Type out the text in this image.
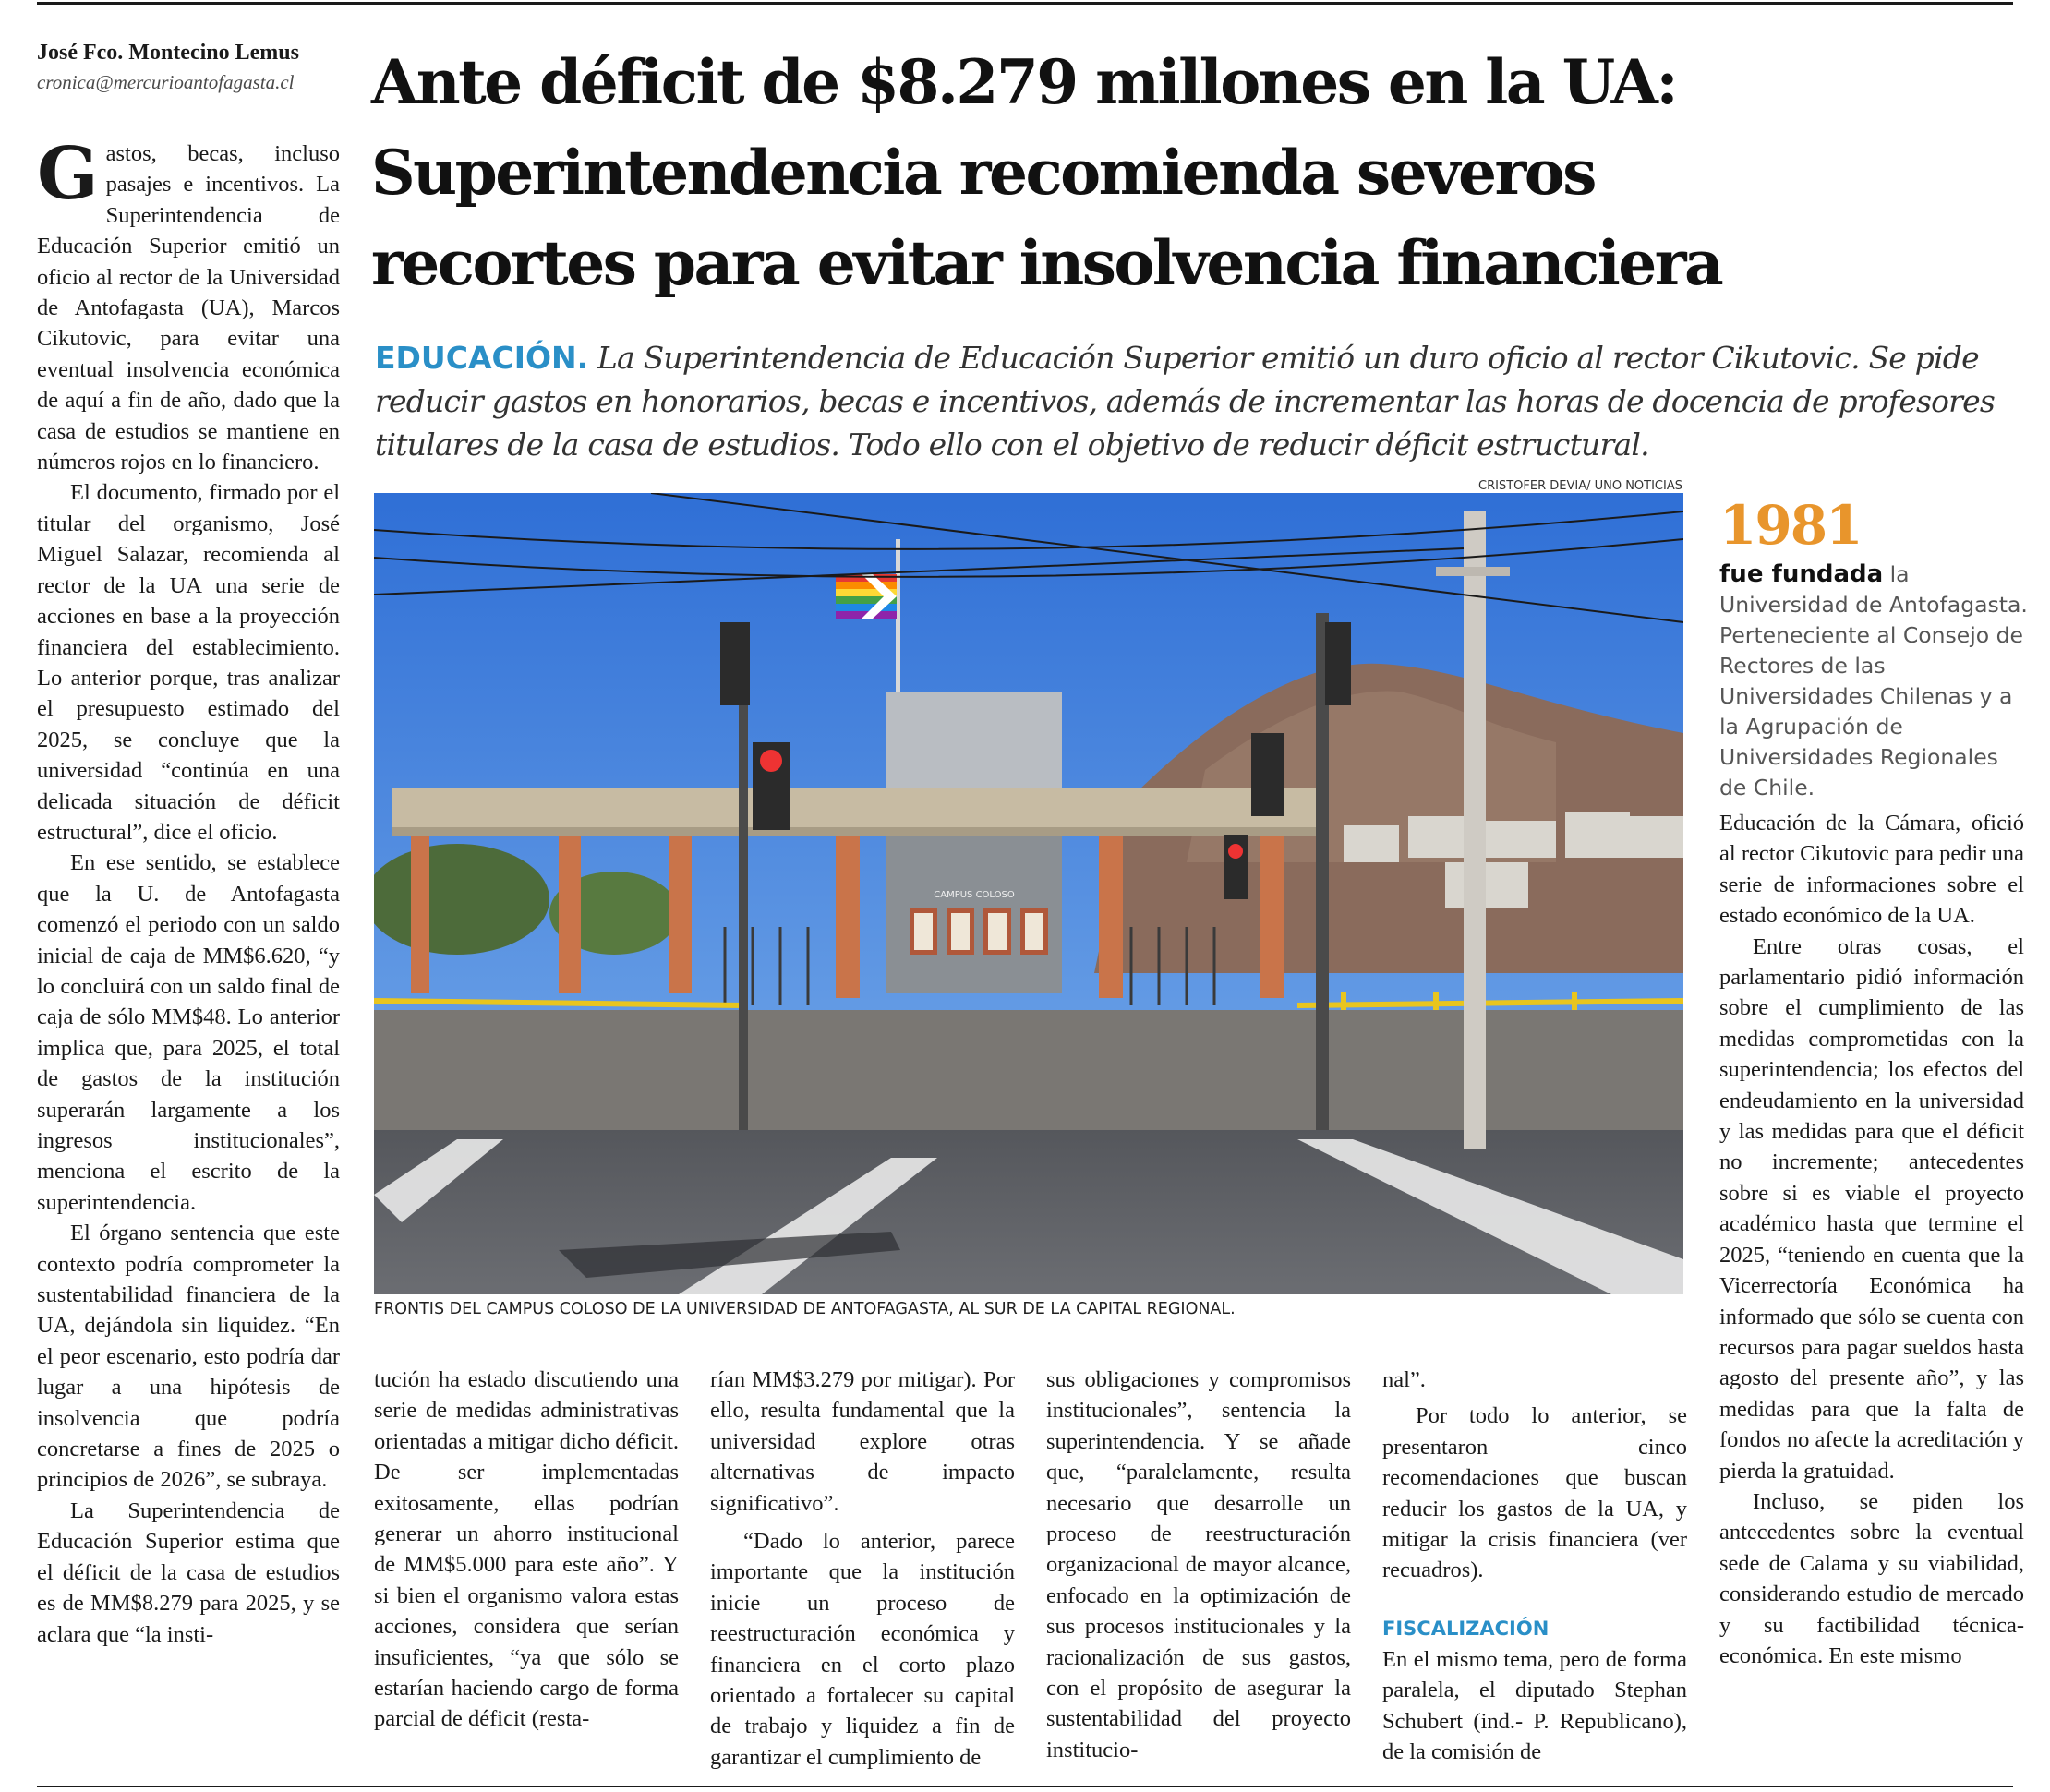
José Fco. Montecino Lemus
cronica@mercurioantofagasta.cl	Ante déficit de $8.279 millones en la UA:
Superintendencia recomienda severos
recortes para evitar insolvencia financiera
EDUCACIÓN. La Superintendencia de Educación Superior emitió un duro oficio al rector Cikutovic. Se pide reducir gastos en honorarios, becas e incentivos, además de incrementar las horas de docencia de profesores titulares de la casa de estudios. Todo ello con el objetivo de reducir déficit estructural.

Gastos, becas, incluso pasajes e incentivos. La Superintendencia de Educación Superior emitió un oficio al rector de la Universidad de Antofagasta (UA), Marcos Cikutovic, para evitar una eventual insolvencia económica de aquí a fin de año, dado que la casa de estudios se mantiene en números rojos en lo financiero.

El documento, firmado por el titular del organismo, José Miguel Salazar, recomienda al rector de la UA una serie de acciones en base a la proyección financiera del establecimiento. Lo anterior porque, tras analizar el presupuesto estimado del 2025, se concluye que la universidad “continúa en una delicada situación de déficit estructural”, dice el oficio.

En ese sentido, se establece que la U. de Antofagasta comenzó el periodo con un saldo inicial de caja de MM$6.620, “y lo concluirá con un saldo final de caja de sólo MM$48. Lo anterior implica que, para 2025, el total de gastos de la institución superarán largamente a los ingresos institucionales”, menciona el escrito de la superintendencia.

El órgano sentencia que este contexto podría comprometer la sustentabilidad financiera de la UA, dejándola sin liquidez. “En el peor escenario, esto podría dar lugar a una hipótesis de insolvencia que podría concretarse a fines de 2025 o principios de 2026”, se subraya.

La Superintendencia de Educación Superior estima que el déficit de la casa de estudios es de MM$8.279 para 2025, y se aclara que “la insti-

CRISTOFER DEVIA/ UNO NOTICIAS
CAMPUS COLOSO
FRONTIS DEL CAMPUS COLOSO DE LA UNIVERSIDAD DE ANTOFAGASTA, AL SUR DE LA CAPITAL REGIONAL.
1981
fue fundada la Universidad de Antofagasta. Perteneciente al Consejo de Rectores de las Universidades Chilenas y a la Agrupación de Universidades Regionales de Chile.

tución ha estado discutiendo una serie de medidas administrativas orientadas a mitigar dicho déficit. De ser implementadas exitosamente, ellas podrían generar un ahorro institucional de MM$5.000 para este año”. Y si bien el organismo valora estas acciones, considera que serían insuficientes, “ya que sólo se estarían haciendo cargo de forma parcial de déficit (resta-

rían MM$3.279 por mitigar). Por ello, resulta fundamental que la universidad explore otras alternativas de impacto significativo”.

“Dado lo anterior, parece importante que la institución inicie un proceso de reestructuración económica y financiera en el corto plazo orientado a fortalecer su capital de trabajo y liquidez a fin de garantizar el cumplimiento de

sus obligaciones y compromisos institucionales”, sentencia la superintendencia. Y se añade que, “paralelamente, resulta necesario que desarrolle un proceso de reestructuración organizacional de mayor alcance, enfocado en la optimización de sus procesos institucionales y la racionalización de sus gastos, con el propósito de asegurar la sustentabilidad del proyecto institucio-

nal”.

Por todo lo anterior, se presentaron cinco recomendaciones que buscan reducir los gastos de la UA, y mitigar la crisis financiera (ver recuadros).

FISCALIZACIÓN

En el mismo tema, pero de forma paralela, el diputado Stephan Schubert (ind.- P. Republicano), de la comisión de

Educación de la Cámara, ofició al rector Cikutovic para pedir una serie de informaciones sobre el estado económico de la UA.

Entre otras cosas, el parlamentario pidió información sobre el cumplimiento de las medidas comprometidas con la superintendencia; los efectos del endeudamiento en la universidad y las medidas para que el déficit no incremente; antecedentes sobre si es viable el proyecto académico hasta que termine el 2025, “teniendo en cuenta que la Vicerrectoría Económica ha informado que sólo se cuenta con recursos para pagar sueldos hasta agosto del presente año”, y las medidas para que la falta de fondos no afecte la acreditación y pierda la gratuidad.

Incluso, se piden los antecedentes sobre la eventual sede de Calama y su viabilidad, considerando estudio de mercado y su factibilidad técnica-económica. En este mismo
